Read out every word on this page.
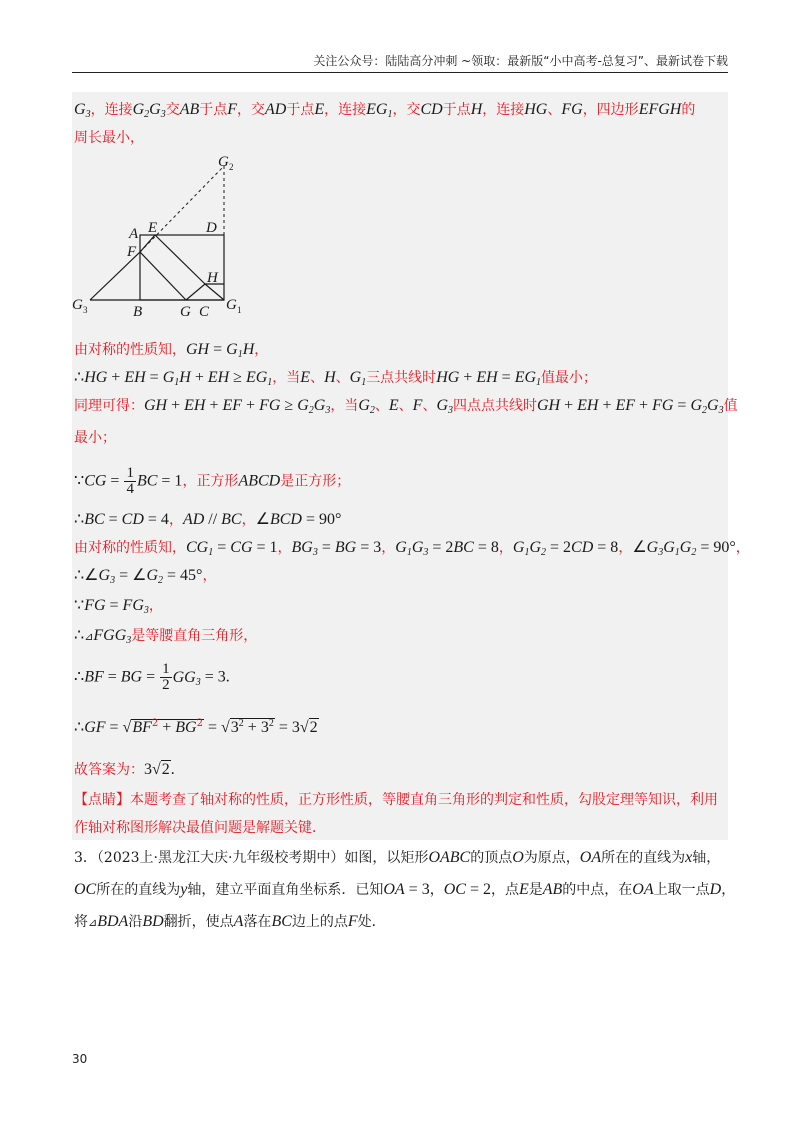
关注公众号：陆陆高分冲刺 ~领取：最新版“小中高考-总复习”、最新试卷下载
$G_3$，连接$G_2G_3$交AB于点F，交AD于点E，连接$EG_1$，交CD于点H，连接HG、FG，四边形EFGH的
周长最小，
G 2
A E	D
F
H
G 3	B	G C G 1
由对称的性质知，GH = $G_1H$，
∴HG + EH = $G_1H$ + EH ≥ $EG_1$，当E、H、$G_1$三点共线时HG + EH = $EG_1$值最小；
同理可得：GH + EH + EF + FG ≥ $G_2G_3$，当$G_2$、E、F、$G_3$四点点共线时GH + EH + EF + FG = $G_2G_3$值
最小；
∵CG = $\frac{1}{4}$ BC = 1，正方形ABCD是正方形；
∴BC = CD = 4，AD // BC，∠BCD = 90°
由对称的性质知，$CG_1$ = CG = 1，$BG_3$ = BG = 3，$G_1G_3 = 2BC = 8$，$G_1G_2 = 2CD = 8$，$\angle G_3G_1G_2 = 90^\circ$，
$\therefore\angle G_3$ = $\angle G_2 = 45^\circ$，
∵FG = $FG_3$，
$\therefore⊿FGG_3$是等腰直角三角形，
∴BF = BG = $\frac{1}{2} GG_3 = 3$.
∴GF = $√BF^2 + BG^2 = √3^2 + 3^2 = 3√2$
故答案为：3√2.
【点睛】本题考查了轴对称的性质，正方形性质，等腰直角三角形的判定和性质，勾股定理等知识，利用
作轴对称图形解决最值问题是解题关键．
3．（2023上·黑龙江大庆·九年级校考期中）如图，以矩形OABC的顶点O为原点，OA所在的直线为x轴，
OC所在的直线为y轴，建立平面直角坐标系．已知OA = 3，OC = 2，点E是AB的中点，在OA上取一点D，
将⊿BDA沿BD翻折，使点A落在BC边上的点F处．
30
